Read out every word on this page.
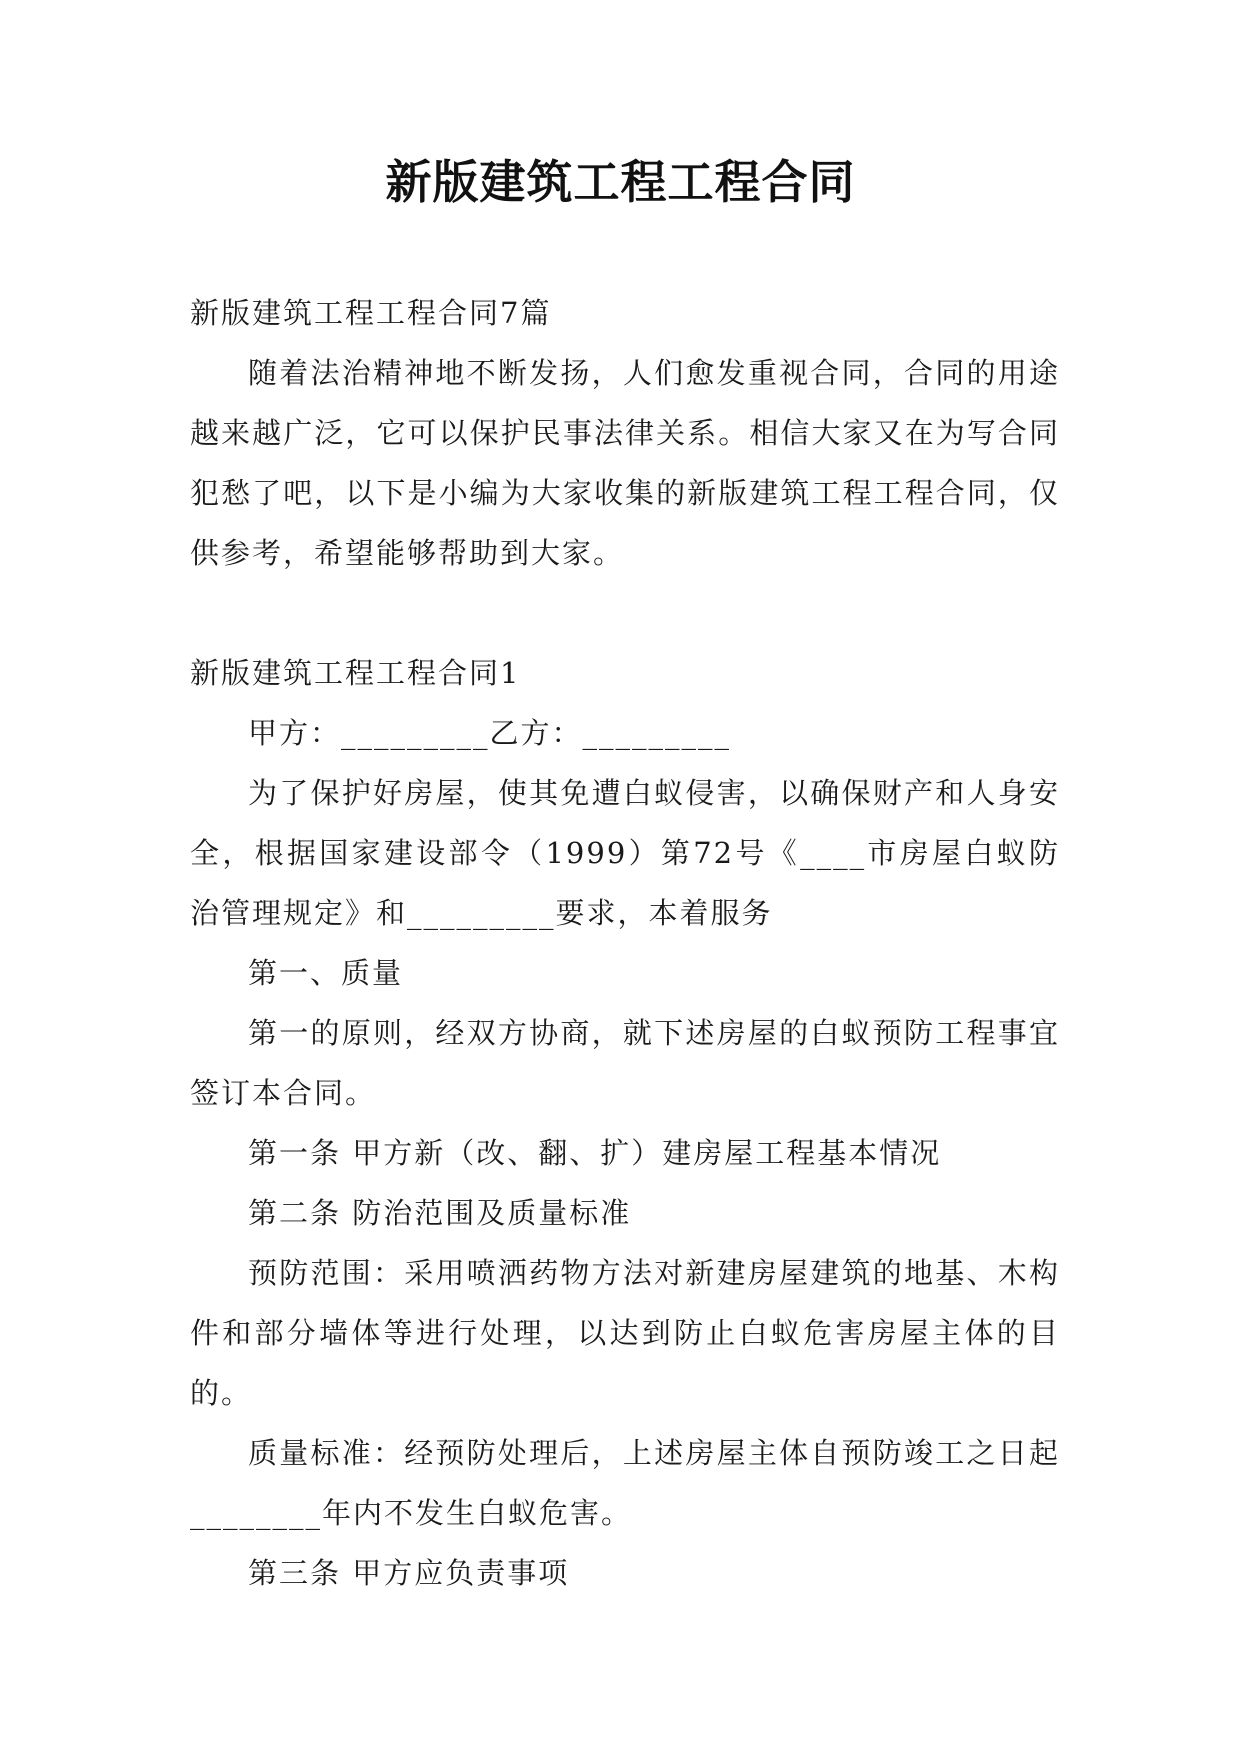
新版建筑工程工程合同

新版建筑工程工程合同7篇

随着法治精神地不断发扬，人们愈发重视合同，合同的用途越来越广泛，它可以保护民事法律关系。相信大家又在为写合同犯愁了吧，以下是小编为大家收集的新版建筑工程工程合同，仅供参考，希望能够帮助到大家。

新版建筑工程工程合同1

甲方：_________乙方：_________

为了保护好房屋，使其免遭白蚁侵害，以确保财产和人身安全，根据国家建设部令（1999）第72号《____市房屋白蚁防治管理规定》和_________要求，本着服务

第一、质量

第一的原则，经双方协商，就下述房屋的白蚁预防工程事宜签订本合同。

第一条 甲方新（改、翻、扩）建房屋工程基本情况

第二条 防治范围及质量标准

预防范围：采用喷洒药物方法对新建房屋建筑的地基、木构件和部分墙体等进行处理，以达到防止白蚁危害房屋主体的目的。

质量标准：经预防处理后，上述房屋主体自预防竣工之日起________年内不发生白蚁危害。

第三条 甲方应负责事项
